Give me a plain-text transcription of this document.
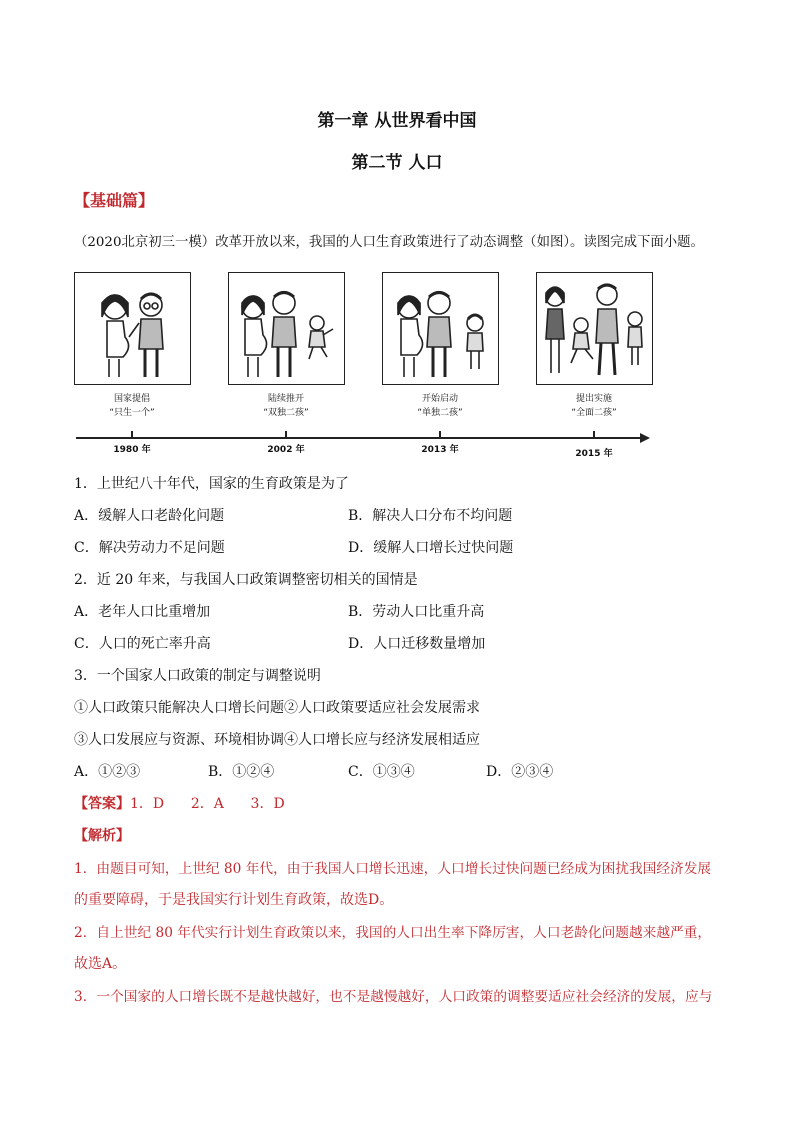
第一章 从世界看中国
第二节 人口
【基础篇】
（2020北京初三一模）改革开放以来，我国的人口生育政策进行了动态调整（如图）。读图完成下面小题。
国家提倡
“只生一个”
陆续推开
“双独二孩”
开始启动
“单独二孩”
提出实施
“全面二孩”
1980 年	2002 年	2013 年	2015 年
1．上世纪八十年代，国家的生育政策是为了
A．缓解人口老龄化问题	B．解决人口分布不均问题
C．解决劳动力不足问题	D．缓解人口增长过快问题
2．近 20 年来，与我国人口政策调整密切相关的国情是
A．老年人口比重增加	B．劳动人口比重升高
C．人口的死亡率升高	D．人口迁移数量增加
3．一个国家人口政策的制定与调整说明
①人口政策只能解决人口增长问题②人口政策要适应社会发展需求
③人口发展应与资源、环境相协调④人口增长应与经济发展相适应
A．①②③	B．①②④	C．①③④	D．②③④
【答案】1．D      2．A      3．D
【解析】
1．由题目可知，上世纪 80 年代，由于我国人口增长迅速，人口增长过快问题已经成为困扰我国经济发展
的重要障碍，于是我国实行计划生育政策，故选D。
2．自上世纪 80 年代实行计划生育政策以来，我国的人口出生率下降厉害，人口老龄化问题越来越严重，
故选A。
3．一个国家的人口增长既不是越快越好，也不是越慢越好，人口政策的调整要适应社会经济的发展，应与
